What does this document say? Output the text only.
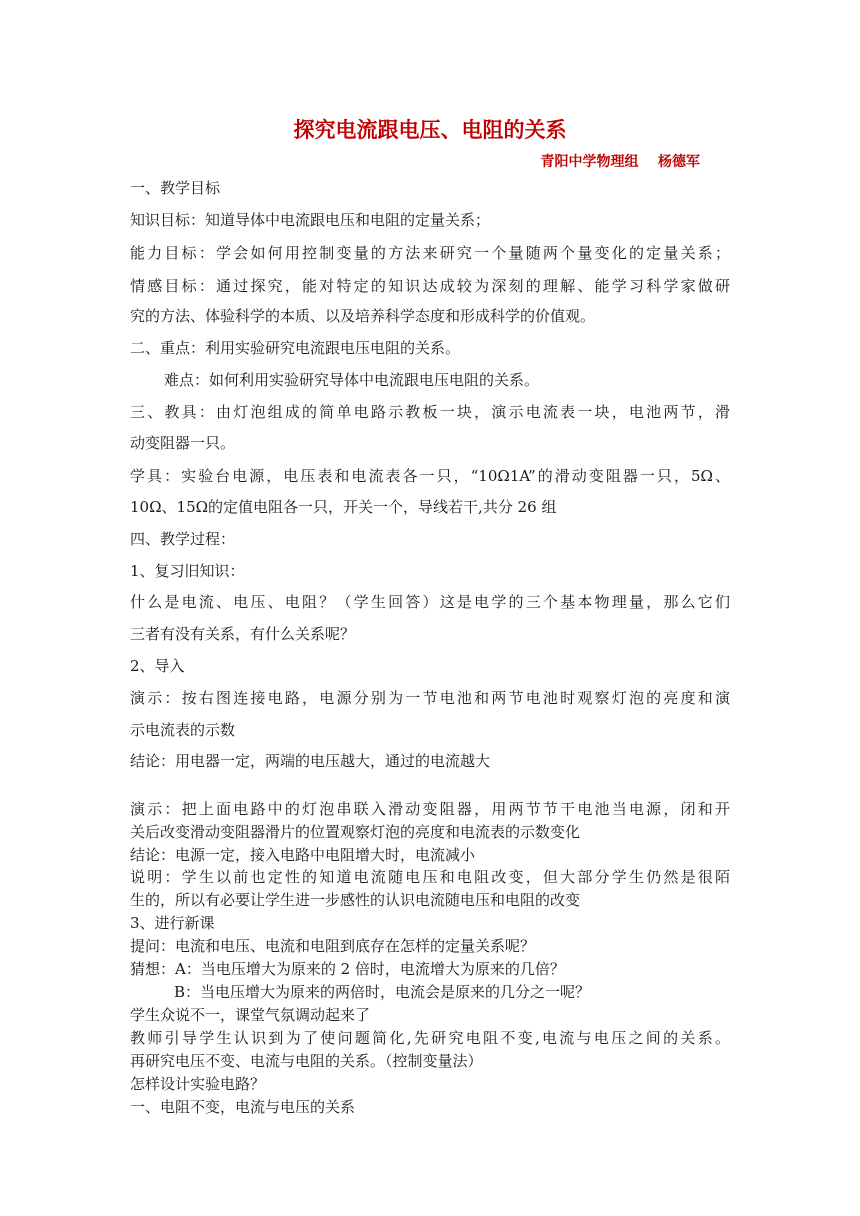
探究电流跟电压、电阻的关系
青阳中学物理组    杨德军
一、教学目标
知识目标：知道导体中电流跟电压和电阻的定量关系；
能力目标：学会如何用控制变量的方法来研究一个量随两个量变化的定量关系；
情感目标：通过探究，能对特定的知识达成较为深刻的理解、能学习科学家做研
究的方法、体验科学的本质、以及培养科学态度和形成科学的价值观。
二、重点：利用实验研究电流跟电压电阻的关系。
难点：如何利用实验研究导体中电流跟电压电阻的关系。
三、教具：由灯泡组成的简单电路示教板一块，演示电流表一块，电池两节，滑
动变阻器一只。
学具：实验台电源，电压表和电流表各一只，“10Ω1A”的滑动变阻器一只，5Ω、
10Ω、15Ω的定值电阻各一只，开关一个，导线若干,共分 26 组
四、教学过程：
1、复习旧知识：
什么是电流、电压、电阻？（学生回答）这是电学的三个基本物理量，那么它们
三者有没有关系，有什么关系呢？
2、导入
演示：按右图连接电路，电源分别为一节电池和两节电池时观察灯泡的亮度和演
示电流表的示数
结论：用电器一定，两端的电压越大，通过的电流越大
演示：把上面电路中的灯泡串联入滑动变阻器，用两节节干电池当电源，闭和开
关后改变滑动变阻器滑片的位置观察灯泡的亮度和电流表的示数变化
结论：电源一定，接入电路中电阻增大时，电流减小
说明：学生以前也定性的知道电流随电压和电阻改变，但大部分学生仍然是很陌
生的，所以有必要让学生进一步感性的认识电流随电压和电阻的改变
3、进行新课
提问：电流和电压、电流和电阻到底存在怎样的定量关系呢？
猜想：A：当电压增大为原来的 2 倍时，电流增大为原来的几倍？
B：当电压增大为原来的两倍时，电流会是原来的几分之一呢？
学生众说不一，课堂气氛调动起来了
教师引导学生认识到为了使问题简化,先研究电阻不变,电流与电压之间的关系。
再研究电压不变、电流与电阻的关系。（控制变量法）
怎样设计实验电路？
一、电阻不变，电流与电压的关系
